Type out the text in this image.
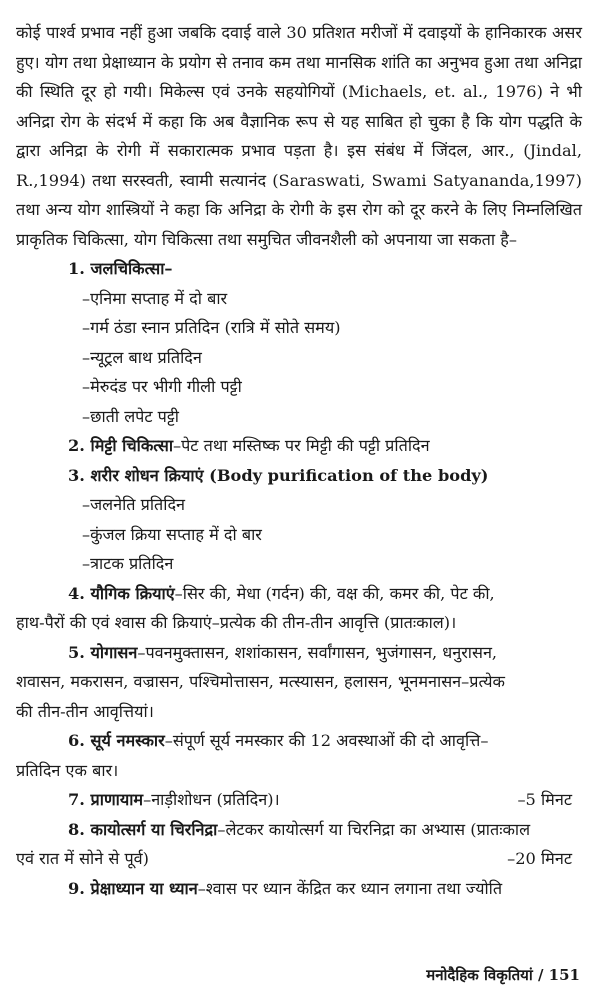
कोई पार्श्व प्रभाव नहीं हुआ जबकि दवाई वाले 30 प्रतिशत मरीजों में दवाइयों के हानिकारक असर हुए। योग तथा प्रेक्षाध्यान के प्रयोग से तनाव कम तथा मानसिक शांति का अनुभव हुआ तथा अनिद्रा की स्थिति दूर हो गयी। मिकेल्स एवं उनके सहयोगियों (Michaels, et. al., 1976) ने भी अनिद्रा रोग के संदर्भ में कहा कि अब वैज्ञानिक रूप से यह साबित हो चुका है कि योग पद्धति के द्वारा अनिद्रा के रोगी में सकारात्मक प्रभाव पड़ता है। इस संबंध में जिंदल, आर., (Jindal, R.,1994) तथा सरस्वती, स्वामी सत्यानंद (Saraswati, Swami Satyananda,1997) तथा अन्य योग शास्त्रियों ने कहा कि अनिद्रा के रोगी के इस रोग को दूर करने के लिए निम्नलिखित प्राकृतिक चिकित्सा, योग चिकित्सा तथा समुचित जीवनशैली को अपनाया जा सकता है–

1. जलचिकित्सा–

–एनिमा सप्ताह में दो बार

–गर्म ठंडा स्नान प्रतिदिन (रात्रि में सोते समय)

–न्यूट्रल बाथ प्रतिदिन

–मेरुदंड पर भीगी गीली पट्टी

–छाती लपेट पट्टी

2. मिट्टी चिकित्सा–पेट तथा मस्तिष्क पर मिट्टी की पट्टी प्रतिदिन

3. शरीर शोधन क्रियाएं (Body purification of the body)

–जलनेति प्रतिदिन

–कुंजल क्रिया सप्ताह में दो बार

–त्राटक प्रतिदिन

4. यौगिक क्रियाएं–सिर की, मेधा (गर्दन) की, वक्ष की, कमर की, पेट की,

हाथ-पैरों की एवं श्वास की क्रियाएं–प्रत्येक की तीन-तीन आवृत्ति (प्रातःकाल)।

5. योगासन–पवनमुक्तासन, शशांकासन, सर्वांगासन, भुजंगासन, धनुरासन,

शवासन, मकरासन, वज्रासन, पश्चिमोत्तासन, मत्स्यासन, हलासन, भूनमनासन–प्रत्येक

की तीन-तीन आवृत्तियां।

6. सूर्य नमस्कार–संपूर्ण सूर्य नमस्कार की 12 अवस्थाओं की दो आवृत्ति–

प्रतिदिन एक बार।

7. प्राणायाम–नाड़ीशोधन (प्रतिदिन)।	–5 मिनट

8. कायोत्सर्ग या चिरनिद्रा–लेटकर कायोत्सर्ग या चिरनिद्रा का अभ्यास (प्रातःकाल

एवं रात में सोने से पूर्व)	–20 मिनट

9. प्रेक्षाध्यान या ध्यान–श्वास पर ध्यान केंद्रित कर ध्यान लगाना तथा ज्योति

मनोदैहिक विकृतियां / 151
